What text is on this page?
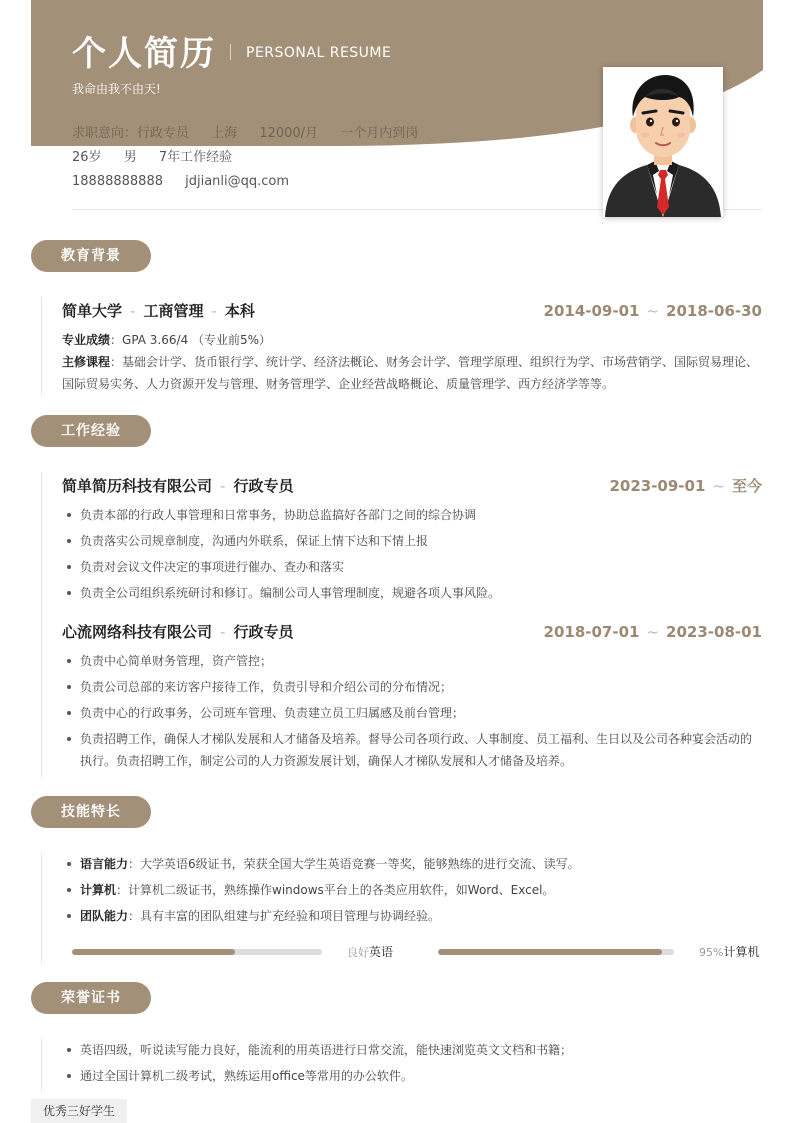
个人简历 PERSONAL RESUME
我命由我不由天!
求职意向：行政专员 上海 12000/月 一个月内到岗
26岁 男 7年工作经验
18888888888 jdjianli@qq.com
教育背景
简单大学 - 工商管理 - 本科	2014-09-01 ~ 2018-06-30
专业成绩：GPA 3.66/4 （专业前5%）
主修课程：基础会计学、货币银行学、统计学、经济法概论、财务会计学、管理学原理、组织行为学、市场营销学、国际贸易理论、国际贸易实务、人力资源开发与管理、财务管理学、企业经营战略概论、质量管理学、西方经济学等等。
工作经验
简单简历科技有限公司 - 行政专员	2023-09-01 ~ 至今
负责本部的行政人事管理和日常事务，协助总监搞好各部门之间的综合协调
负责落实公司规章制度，沟通内外联系，保证上情下达和下情上报
负责对会议文件决定的事项进行催办、查办和落实
负责全公司组织系统研讨和修订。编制公司人事管理制度，规避各项人事风险。
心流网络科技有限公司 - 行政专员	2018-07-01 ~ 2023-08-01
负责中心简单财务管理，资产管控；
负责公司总部的来访客户接待工作，负责引导和介绍公司的分布情况；
负责中心的行政事务，公司班车管理、负责建立员工归属感及前台管理；
负责招聘工作，确保人才梯队发展和人才储备及培养。督导公司各项行政、人事制度、员工福利、生日以及公司各种宴会活动的执行。负责招聘工作，制定公司的人力资源发展计划，确保人才梯队发展和人才储备及培养。
技能特长
语言能力：大学英语6级证书，荣获全国大学生英语竞赛一等奖，能够熟练的进行交流、读写。
计算机：计算机二级证书，熟练操作windows平台上的各类应用软件，如Word、Excel。
团队能力：具有丰富的团队组建与扩充经验和项目管理与协调经验。
良好英语	95%计算机
荣誉证书
英语四级，听说读写能力良好，能流利的用英语进行日常交流，能快速浏览英文文档和书籍；
通过全国计算机二级考试，熟练运用office等常用的办公软件。
优秀三好学生
